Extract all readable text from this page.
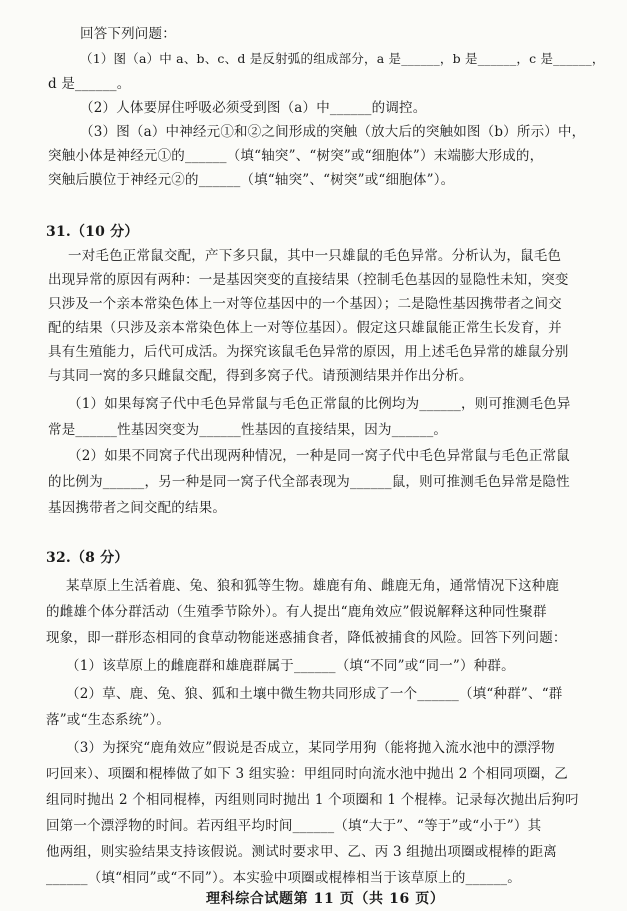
回答下列问题：
（1）图（a）中 a、b、c、d 是反射弧的组成部分，a 是______，b 是______，c 是______，
d 是______。
（2）人体要屏住呼吸必须受到图（a）中______的调控。
（3）图（a）中神经元①和②之间形成的突触（放大后的突触如图（b）所示）中，
突触小体是神经元①的______（填“轴突”、“树突”或“细胞体”）末端膨大形成的，
突触后膜位于神经元②的______（填“轴突”、“树突”或“细胞体”）。
31.（10 分）
一对毛色正常鼠交配，产下多只鼠，其中一只雄鼠的毛色异常。分析认为，鼠毛色
出现异常的原因有两种：一是基因突变的直接结果（控制毛色基因的显隐性未知，突变
只涉及一个亲本常染色体上一对等位基因中的一个基因）；二是隐性基因携带者之间交
配的结果（只涉及亲本常染色体上一对等位基因）。假定这只雄鼠能正常生长发育，并
具有生殖能力，后代可成活。为探究该鼠毛色异常的原因，用上述毛色异常的雄鼠分别
与其同一窝的多只雌鼠交配，得到多窝子代。请预测结果并作出分析。
（1）如果每窝子代中毛色异常鼠与毛色正常鼠的比例均为______，则可推测毛色异
常是______性基因突变为______性基因的直接结果，因为______。
（2）如果不同窝子代出现两种情况，一种是同一窝子代中毛色异常鼠与毛色正常鼠
的比例为______，另一种是同一窝子代全部表现为______鼠，则可推测毛色异常是隐性
基因携带者之间交配的结果。
32.（8 分）
某草原上生活着鹿、兔、狼和狐等生物。雄鹿有角、雌鹿无角，通常情况下这种鹿
的雌雄个体分群活动（生殖季节除外）。有人提出“鹿角效应”假说解释这种同性聚群
现象，即一群形态相同的食草动物能迷惑捕食者，降低被捕食的风险。回答下列问题：
（1）该草原上的雌鹿群和雄鹿群属于______（填“不同”或“同一”）种群。
（2）草、鹿、兔、狼、狐和土壤中微生物共同形成了一个______（填“种群”、“群
落”或“生态系统”）。
（3）为探究“鹿角效应”假说是否成立，某同学用狗（能将抛入流水池中的漂浮物
叼回来）、项圈和棍棒做了如下 3 组实验：甲组同时向流水池中抛出 2 个相同项圈，乙
组同时抛出 2 个相同棍棒，丙组则同时抛出 1 个项圈和 1 个棍棒。记录每次抛出后狗叼
回第一个漂浮物的时间。若丙组平均时间______（填“大于”、“等于”或“小于”）其
他两组，则实验结果支持该假说。测试时要求甲、乙、丙 3 组抛出项圈或棍棒的距离
______（填“相同”或“不同”）。本实验中项圈或棍棒相当于该草原上的______。
理科综合试题第 11 页（共 16 页）
